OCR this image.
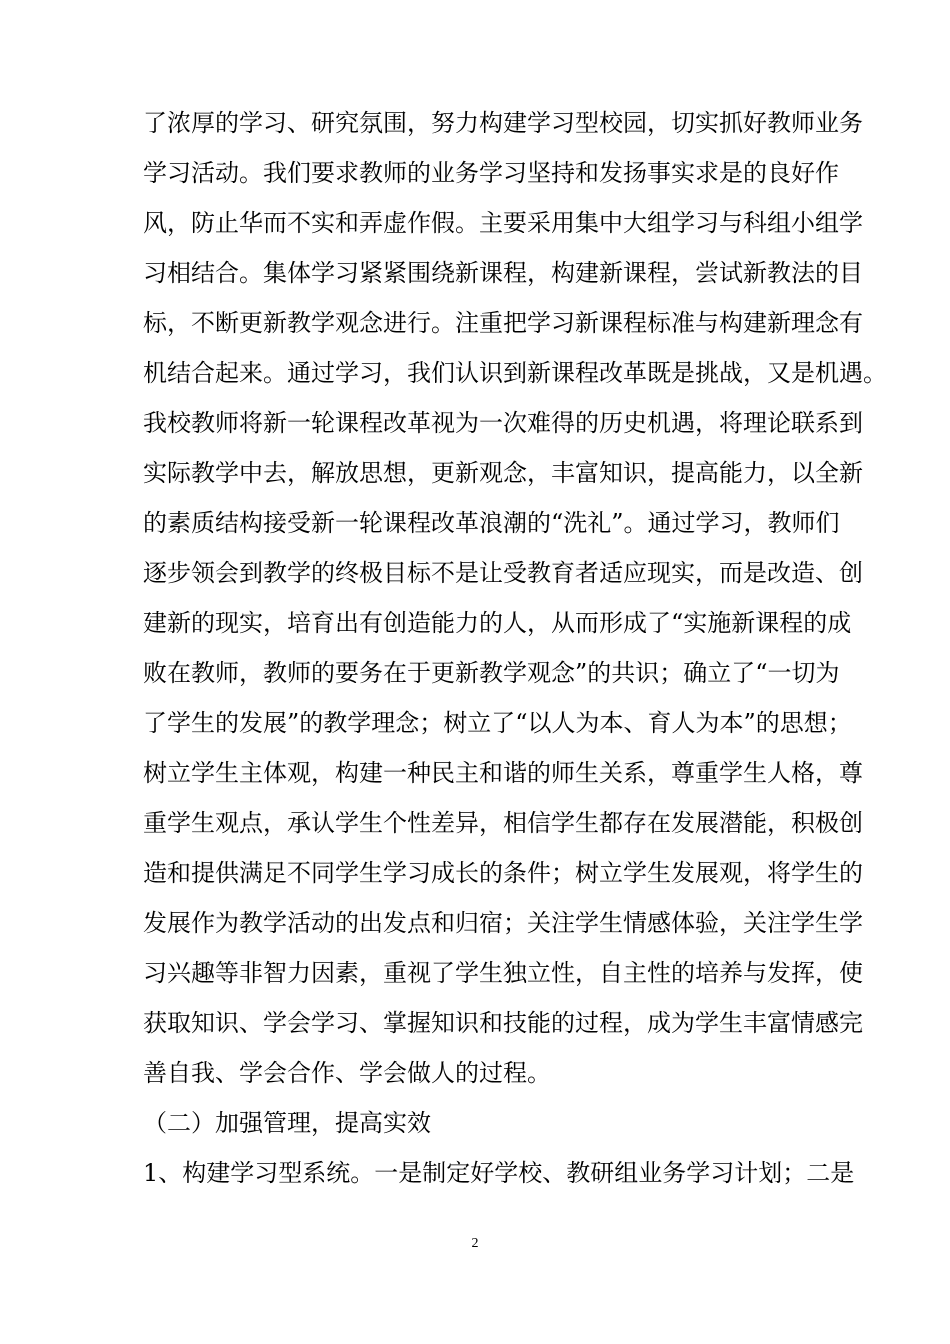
了浓厚的学习、研究氛围，努力构建学习型校园，切实抓好教师业务
学习活动。我们要求教师的业务学习坚持和发扬事实求是的良好作
风，防止华而不实和弄虚作假。主要采用集中大组学习与科组小组学
习相结合。集体学习紧紧围绕新课程，构建新课程，尝试新教法的目
标，不断更新教学观念进行。注重把学习新课程标准与构建新理念有
机结合起来。通过学习，我们认识到新课程改革既是挑战，又是机遇。
我校教师将新一轮课程改革视为一次难得的历史机遇，将理论联系到
实际教学中去，解放思想，更新观念，丰富知识，提高能力，以全新
的素质结构接受新一轮课程改革浪潮的“洗礼”。通过学习，教师们
逐步领会到教学的终极目标不是让受教育者适应现实，而是改造、创
建新的现实，培育出有创造能力的人，从而形成了“实施新课程的成
败在教师，教师的要务在于更新教学观念”的共识；确立了“一切为
了学生的发展”的教学理念；树立了“以人为本、育人为本”的思想；
树立学生主体观，构建一种民主和谐的师生关系，尊重学生人格，尊
重学生观点，承认学生个性差异，相信学生都存在发展潜能，积极创
造和提供满足不同学生学习成长的条件；树立学生发展观，将学生的
发展作为教学活动的出发点和归宿；关注学生情感体验，关注学生学
习兴趣等非智力因素，重视了学生独立性，自主性的培养与发挥，使
获取知识、学会学习、掌握知识和技能的过程，成为学生丰富情感完
善自我、学会合作、学会做人的过程。
（二）加强管理，提高实效
1、构建学习型系统。一是制定好学校、教研组业务学习计划；二是
2
